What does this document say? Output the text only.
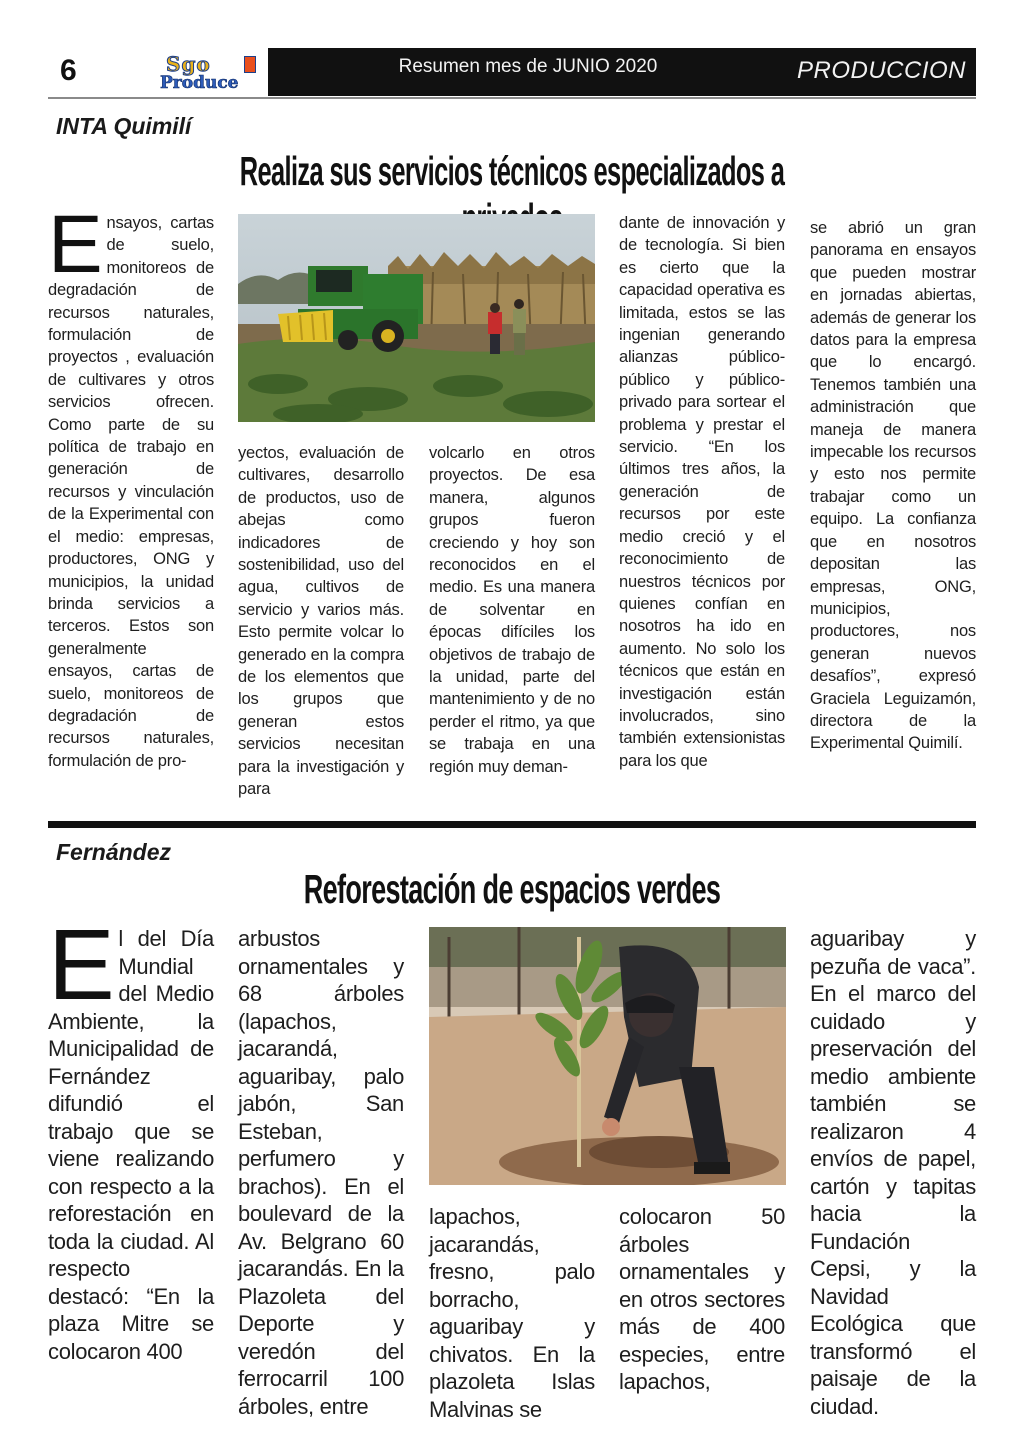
6	Sgo
Produce
Resumen mes de JUNIO 2020	PRODUCCION
INTA Quimilí
Realiza sus servicios técnicos especializados a
Ensayos, cartas de suelo, monitoreos de degradación de recursos naturales, formulación de proyectos , evaluación de cultivares y otros servicios ofrecen. Como parte de su política de trabajo en generación de recursos y vinculación de la Experimental con el medio: empresas, productores, ONG y municipios, la unidad brinda servicios a terceros. Estos son generalmente ensayos, cartas de suelo, monitoreos de degradación de recursos naturales, formulación de pro-
yectos, evaluación de cultivares, desarrollo de productos, uso de abejas como indicadores de sostenibilidad, uso del agua, cultivos de servicio y varios más. Esto permite volcar lo generado en la compra de los elementos que los grupos que generan estos servicios necesitan para la investigación y para
volcarlo en otros proyectos. De esa manera, algunos grupos fueron creciendo y hoy son reconocidos en el medio. Es una manera de solventar en épocas difíciles los objetivos de trabajo de la unidad, parte del mantenimiento y de no perder el ritmo, ya que se trabaja en una región muy deman-
dante de innovación y de tecnología. Si bien es cierto que la capacidad operativa es limitada, estos se las ingenian generando alianzas público-público y público-privado para sortear el problema y prestar el servicio. “En los últimos tres años, la generación de recursos por este medio creció y el reconocimiento de nuestros técnicos por quienes confían en nosotros ha ido en aumento. No solo los técnicos que están en investigación están involucrados, sino también extensionistas para los que
se abrió un gran panorama en ensayos que pueden mostrar en jornadas abiertas, además de generar los datos para la empresa que lo encargó. Tenemos también una administración que maneja de manera impecable los recursos y esto nos permite trabajar como un equipo. La confianza que en nosotros depositan las empresas, ONG, municipios, productores, nos generan nuevos desafíos”, expresó Graciela Leguizamón, directora de la Experimental Quimilí.
Fernández
Reforestación de espacios verdes
El del Día Mundial del Medio Ambiente, la Municipalidad de Fernández difundió el trabajo que se viene realizando con respecto a la reforestación en toda la ciudad. Al respecto destacó: “En la plaza Mitre se colocaron 400
arbustos ornamentales y 68 árboles (lapachos, jacarandá, aguaribay, palo jabón, San Esteban, perfumero y brachos). En el boulevard de la Av. Belgrano 60 jacarandás. En la Plazoleta del Deporte y veredón del ferrocarril 100 árboles, entre
lapachos, jacarandás, fresno, palo borracho, aguaribay y chivatos. En la plazoleta Islas Malvinas se
colocaron 50 árboles ornamentales y en otros sectores más de 400 especies, entre lapachos,
aguaribay y pezuña de vaca”. En el marco del cuidado y preservación del medio ambiente también se realizaron 4 envíos de papel, cartón y tapitas hacia la Fundación Cepsi, y la Navidad Ecológica que transformó el paisaje de la ciudad.
